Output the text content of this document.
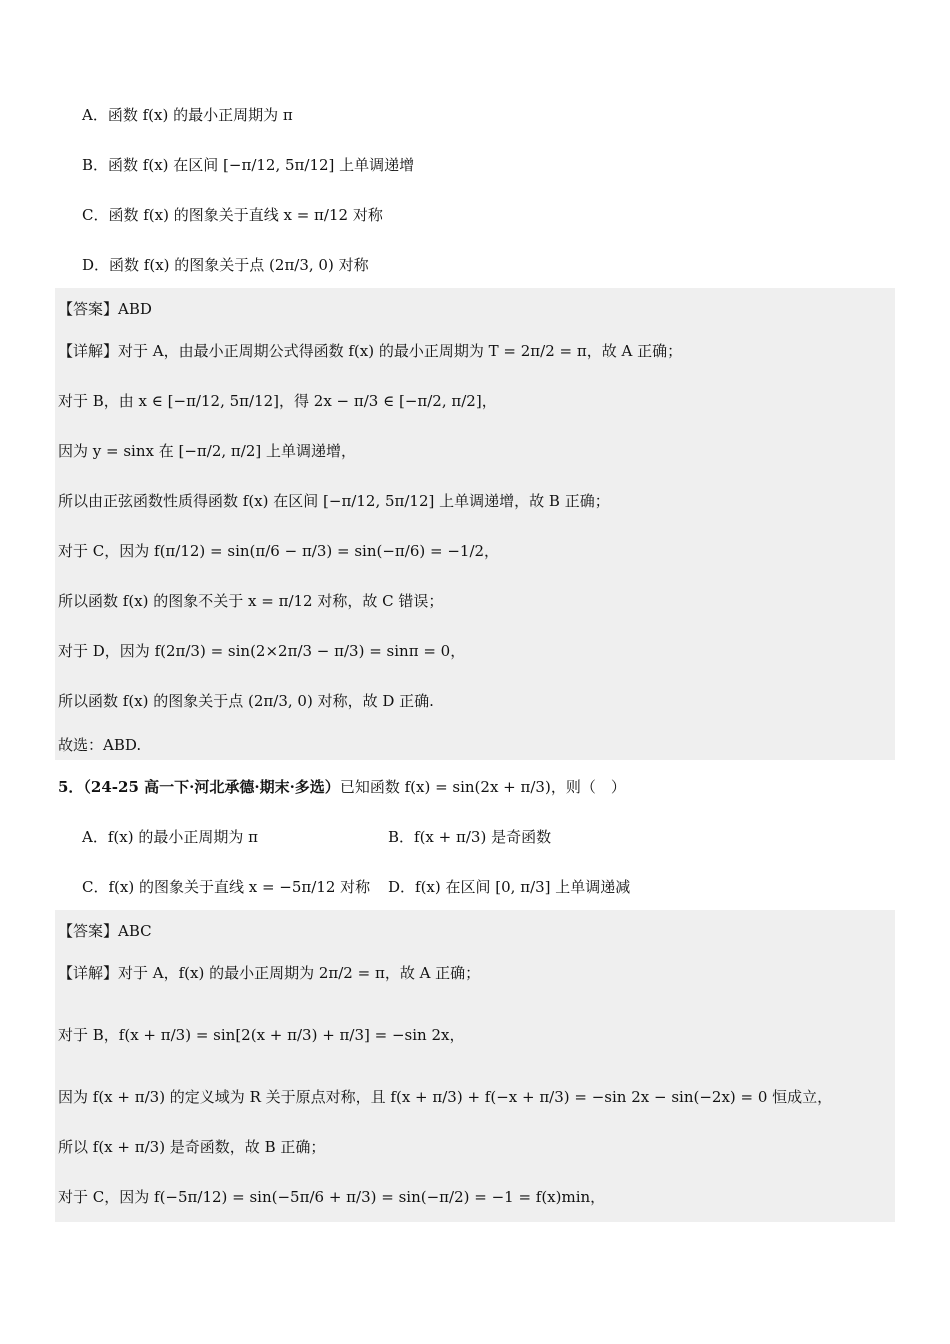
A．函数 f(x) 的最小正周期为 π
B．函数 f(x) 在区间 [−π/12, 5π/12] 上单调递增
C．函数 f(x) 的图象关于直线 x = π/12 对称
D．函数 f(x) 的图象关于点 (2π/3, 0) 对称
【答案】ABD
【详解】对于 A，由最小正周期公式得函数 f(x) 的最小正周期为 T = 2π/2 = π，故 A 正确；
对于 B，由 x ∈ [−π/12, 5π/12]，得 2x − π/3 ∈ [−π/2, π/2]，
因为 y = sinx 在 [−π/2, π/2] 上单调递增，
所以由正弦函数性质得函数 f(x) 在区间 [−π/12, 5π/12] 上单调递增，故 B 正确；
对于 C，因为 f(π/12) = sin(π/6 − π/3) = sin(−π/6) = −1/2，
所以函数 f(x) 的图象不关于 x = π/12 对称，故 C 错误；
对于 D，因为 f(2π/3) = sin(2×2π/3 − π/3) = sinπ = 0，
所以函数 f(x) 的图象关于点 (2π/3, 0) 对称，故 D 正确.
故选：ABD.
5．（24-25 高一下·河北承德·期末·多选） 已知函数 f(x) = sin(2x + π/3)，则（　）
A．f(x) 的最小正周期为 π	B．f(x + π/3) 是奇函数
C．f(x) 的图象关于直线 x = −5π/12 对称 D．f(x) 在区间 [0, π/3] 上单调递减
【答案】ABC
【详解】对于 A，f(x) 的最小正周期为 2π/2 = π，故 A 正确；
对于 B，f(x + π/3) = sin[2(x + π/3) + π/3] = −sin 2x，
因为 f(x + π/3) 的定义域为 R 关于原点对称，且 f(x + π/3) + f(−x + π/3) = −sin 2x − sin(−2x) = 0 恒成立，
所以 f(x + π/3) 是奇函数，故 B 正确；
对于 C，因为 f(−5π/12) = sin(−5π/6 + π/3) = sin(−π/2) = −1 = f(x)min，
